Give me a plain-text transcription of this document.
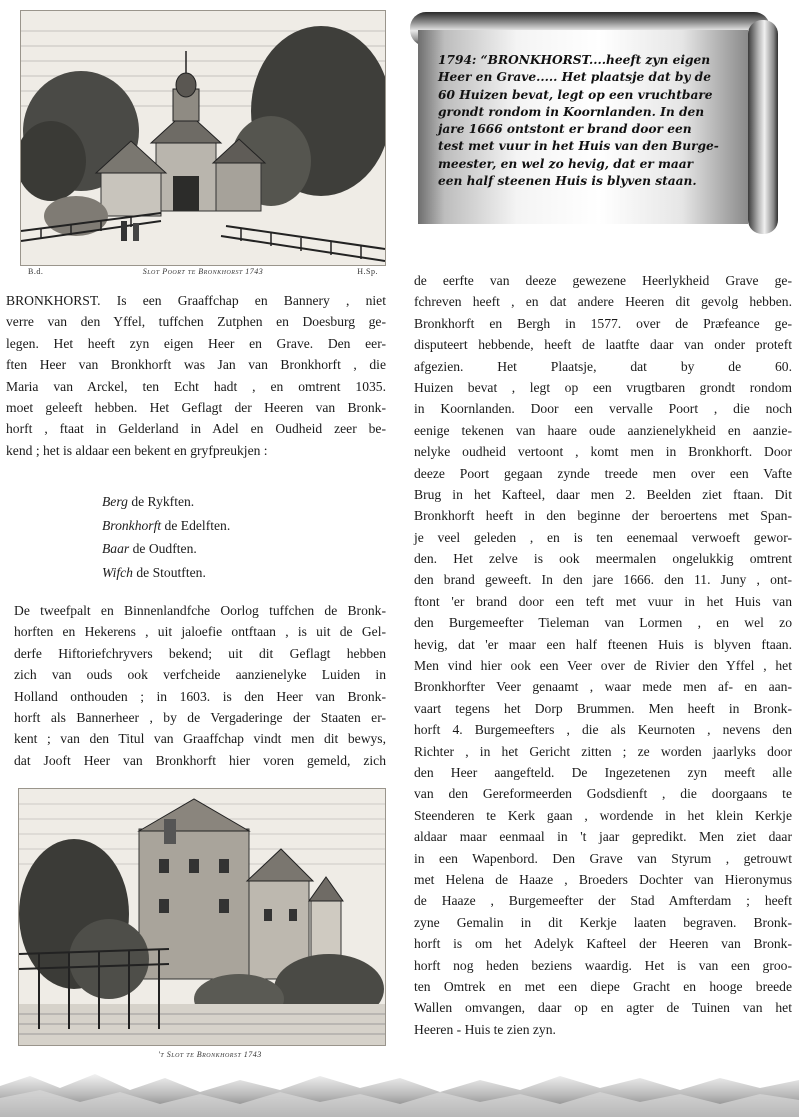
B.d.	Slot Poort te Bronkhorst 1743	H.Sp.
1794: “BRONKHORST....heeft zyn eigen
Heer en Grave..... Het plaatsje dat by de
60 Huizen bevat, legt op een vruchtbare
grondt rondom in Koornlanden. In den
jare 1666 ontstont er brand door een
test met vuur in het Huis van den Burge-
meester, en wel zo hevig, dat er maar
een half steenen Huis is blyven staan.
BRONKHORST. Is een Graaffchap en Bannery , niet
verre van den Yffel, tuffchen Zutphen en Doesburg ge-
legen. Het heeft zyn eigen Heer en Grave. Den eer-
ften Heer van Bronkhorft was Jan van Bronkhorft , die
Maria van Arckel, ten Echt hadt , en omtrent 1035.
moet geleeft hebben. Het Geflagt der Heeren van Bronk-
horft , ftaat in Gelderland in Adel en Oudheid zeer be-
kend ; het is aldaar een bekent en gryfpreukjen :
Berg de Rykften.
Bronkhorft de Edelften.
Baar de Oudften.
Wifch de Stoutften.
De tweefpalt en Binnenlandfche Oorlog tuffchen de Bronk-
horften en Hekerens , uit jaloefie ontftaan , is uit de Gel-
derfe Hiftoriefchryvers bekend; uit dit Geflagt hebben
zich van ouds ook verfcheide aanzienelyke Luiden in
Holland onthouden ; in 1603. is den Heer van Bronk-
horft als Bannerheer , by de Vergaderinge der Staaten er-
kent ; van den Titul van Graaffchap vindt men dit bewys,
dat Jooft Heer van Bronkhorft hier voren gemeld, zich
't Slot te Bronkhorst 1743
de eerfte van deeze gewezene Heerlykheid Grave ge-
fchreven heeft , en dat andere Heeren dit gevolg hebben.
Bronkhorft en Bergh in 1577. over de Præfeance ge-
disputeert hebbende, heeft de laatfte daar van onder proteft
afgezien. Het Plaatsje, dat by de 60.
Huizen bevat , legt op een vrugtbaren grondt rondom
in Koornlanden. Door een vervalle Poort , die noch
eenige tekenen van haare oude aanzienelykheid en aanzie-
nelyke oudheid vertoont , komt men in Bronkhorft. Door
deeze Poort gegaan zynde treede men over een Vafte
Brug in het Kafteel, daar men 2. Beelden ziet ftaan. Dit
Bronkhorft heeft in den beginne der beroertens met Span-
je veel geleden , en is ten eenemaal verwoeft gewor-
den. Het zelve is ook meermalen ongelukkig omtrent
den brand geweeft. In den jare 1666. den 11. Juny , ont-
ftont 'er brand door een teft met vuur in het Huis van
den Burgemeefter Tieleman van Lormen , en wel zo
hevig, dat 'er maar een half fteenen Huis is blyven ftaan.
Men vind hier ook een Veer over de Rivier den Yffel , het
Bronkhorfter Veer genaamt , waar mede men af- en aan-
vaart tegens het Dorp Brummen. Men heeft in Bronk-
horft 4. Burgemeefters , die als Keurnoten , nevens den
Richter , in het Gericht zitten ; ze worden jaarlyks door
den Heer aangefteld. De Ingezetenen zyn meeft alle
van den Gereformeerden Godsdienft , die doorgaans te
Steenderen te Kerk gaan , wordende in het klein Kerkje
aldaar maar eenmaal in 't jaar gepredikt. Men ziet daar
in een Wapenbord. Den Grave van Styrum , getrouwt
met Helena de Haaze , Broeders Dochter van Hieronymus
de Haaze , Burgemeefter der Stad Amfterdam ; heeft
zyne Gemalin in dit Kerkje laaten begraven. Bronk-
horft is om het Adelyk Kafteel der Heeren van Bronk-
horft nog heden beziens waardig. Het is van een groo-
ten Omtrek en met een diepe Gracht en hooge breede
Wallen omvangen, daar op en agter de Tuinen van het
Heeren - Huis te zien zyn.
